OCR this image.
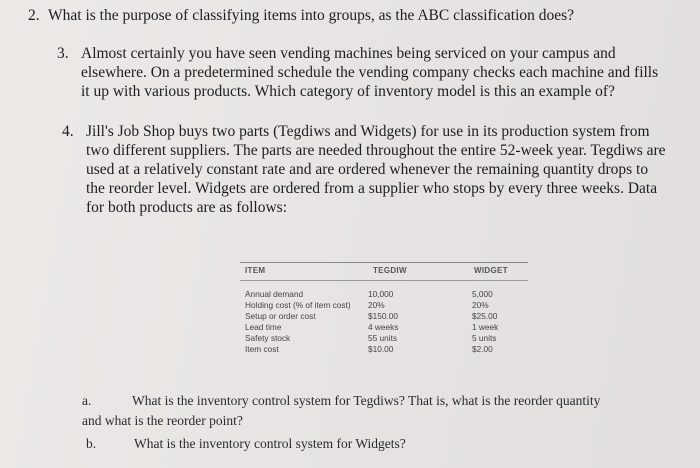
2. What is the purpose of classifying items into groups, as the ABC classification does?
3. Almost certainly you have seen vending machines being serviced on your campus and
elsewhere. On a predetermined schedule the vending company checks each machine and fills
it up with various products. Which category of inventory model is this an example of?
4. Jill's Job Shop buys two parts (Tegdiws and Widgets) for use in its production system from
two different suppliers. The parts are needed throughout the entire 52-week year. Tegdiws are
used at a relatively constant rate and are ordered whenever the remaining quantity drops to
the reorder level. Widgets are ordered from a supplier who stops by every three weeks. Data
for both products are as follows:
ITEM	TEGDIW	WIDGET
Annual demand	10,000	5,000
Holding cost (% of item cost) 20%	20%
Setup or order cost	$150.00	$25.00
Lead time	4 weeks	1 week
Safety stock	55 units	5 units
Item cost	$10.00	$2.00
a.	What is the inventory control system for Tegdiws? That is, what is the reorder quantity
and what is the reorder point?
b.	What is the inventory control system for Widgets?
